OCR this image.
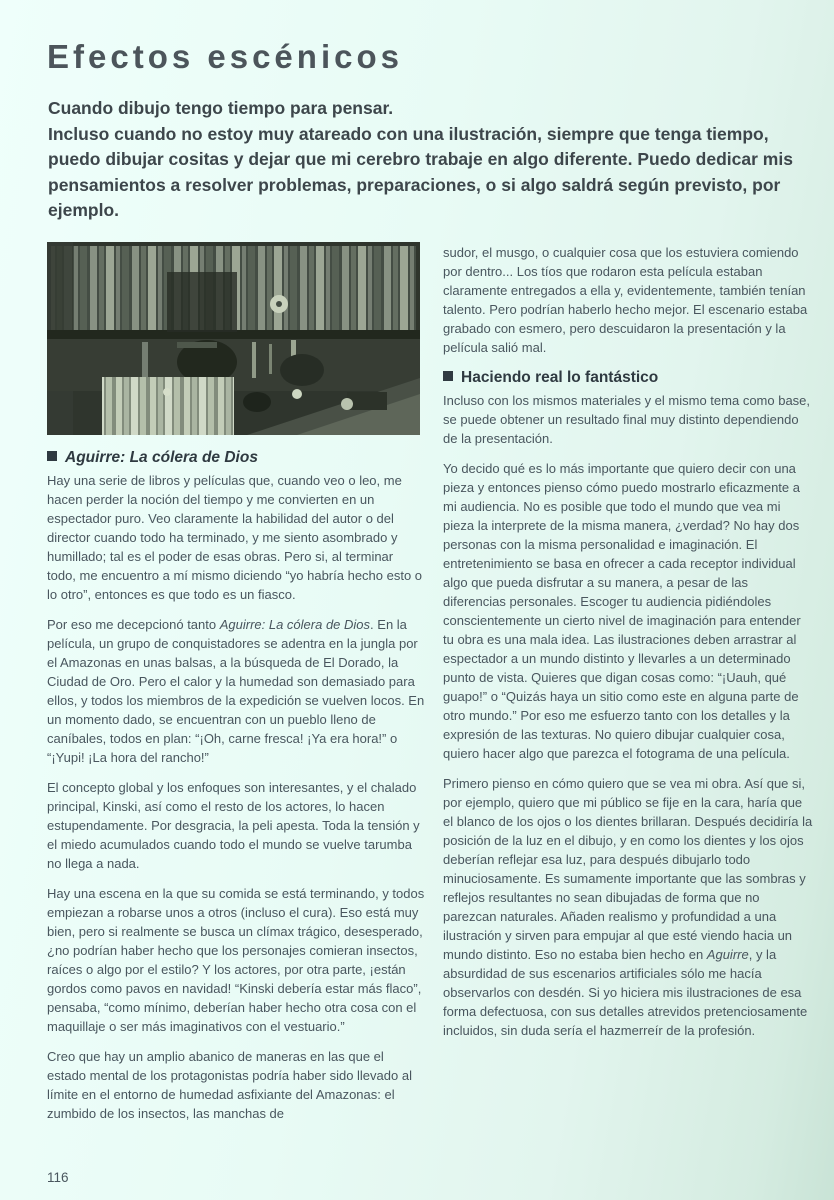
Efectos escénicos

Cuando dibujo tengo tiempo para pensar.

Incluso cuando no estoy muy atareado con una ilustración, siempre que tenga tiempo, puedo dibujar cositas y dejar que mi cerebro trabaje en algo diferente. Puedo dedicar mis pensamientos a resolver problemas, preparaciones, o si algo saldrá según previsto, por ejemplo.

Aguirre: La cólera de Dios

Hay una serie de libros y películas que, cuando veo o leo, me hacen perder la noción del tiempo y me convierten en un espectador puro. Veo claramente la habilidad del autor o del director cuando todo ha terminado, y me siento asombrado y humillado; tal es el poder de esas obras. Pero si, al terminar todo, me encuentro a mí mismo diciendo “yo habría hecho esto o lo otro”, entonces es que todo es un fiasco.

Por eso me decepcionó tanto Aguirre: La cólera de Dios. En la película, un grupo de conquistadores se adentra en la jungla por el Amazonas en unas balsas, a la búsqueda de El Dorado, la Ciudad de Oro. Pero el calor y la humedad son demasiado para ellos, y todos los miembros de la expedición se vuelven locos. En un momento dado, se encuentran con un pueblo lleno de caníbales, todos en plan: “¡Oh, carne fresca! ¡Ya era hora!” o “¡Yupi! ¡La hora del rancho!”

El concepto global y los enfoques son interesantes, y el chalado principal, Kinski, así como el resto de los actores, lo hacen estupendamente. Por desgracia, la peli apesta. Toda la tensión y el miedo acumulados cuando todo el mundo se vuelve tarumba no llega a nada.

Hay una escena en la que su comida se está terminando, y todos empiezan a robarse unos a otros (incluso el cura). Eso está muy bien, pero si realmente se busca un clímax trágico, desesperado, ¿no podrían haber hecho que los personajes comieran insectos, raíces o algo por el estilo? Y los actores, por otra parte, ¡están gordos como pavos en navidad! “Kinski debería estar más flaco”, pensaba, “como mínimo, deberían haber hecho otra cosa con el maquillaje o ser más imaginativos con el vestuario.”

Creo que hay un amplio abanico de maneras en las que el estado mental de los protagonistas podría haber sido llevado al límite en el entorno de humedad asfixiante del Amazonas: el zumbido de los insectos, las manchas de

sudor, el musgo, o cualquier cosa que los estuviera comiendo por dentro... Los tíos que rodaron esta película estaban claramente entregados a ella y, evidentemente, también tenían talento. Pero podrían haberlo hecho mejor. El escenario estaba grabado con esmero, pero descuidaron la presentación y la película salió mal.

Haciendo real lo fantástico

Incluso con los mismos materiales y el mismo tema como base, se puede obtener un resultado final muy distinto dependiendo de la presentación.

Yo decido qué es lo más importante que quiero decir con una pieza y entonces pienso cómo puedo mostrarlo eficazmente a mi audiencia. No es posible que todo el mundo que vea mi pieza la interprete de la misma manera, ¿verdad? No hay dos personas con la misma personalidad e imaginación. El entretenimiento se basa en ofrecer a cada receptor individual algo que pueda disfrutar a su manera, a pesar de las diferencias personales. Escoger tu audiencia pidiéndoles conscientemente un cierto nivel de imaginación para entender tu obra es una mala idea. Las ilustraciones deben arrastrar al espectador a un mundo distinto y llevarles a un determinado punto de vista. Quieres que digan cosas como: “¡Uauh, qué guapo!” o “Quizás haya un sitio como este en alguna parte de otro mundo.” Por eso me esfuerzo tanto con los detalles y la expresión de las texturas. No quiero dibujar cualquier cosa, quiero hacer algo que parezca el fotograma de una película.

Primero pienso en cómo quiero que se vea mi obra. Así que si, por ejemplo, quiero que mi público se fije en la cara, haría que el blanco de los ojos o los dientes brillaran. Después decidiría la posición de la luz en el dibujo, y en como los dientes y los ojos deberían reflejar esa luz, para después dibujarlo todo minuciosamente. Es sumamente importante que las sombras y reflejos resultantes no sean dibujadas de forma que no parezcan naturales. Añaden realismo y profundidad a una ilustración y sirven para empujar al que esté viendo hacia un mundo distinto. Eso no estaba bien hecho en Aguirre, y la absurdidad de sus escenarios artificiales sólo me hacía observarlos con desdén. Si yo hiciera mis ilustraciones de esa forma defectuosa, con sus detalles atrevidos pretenciosamente incluidos, sin duda sería el hazmerreír de la profesión.

116
